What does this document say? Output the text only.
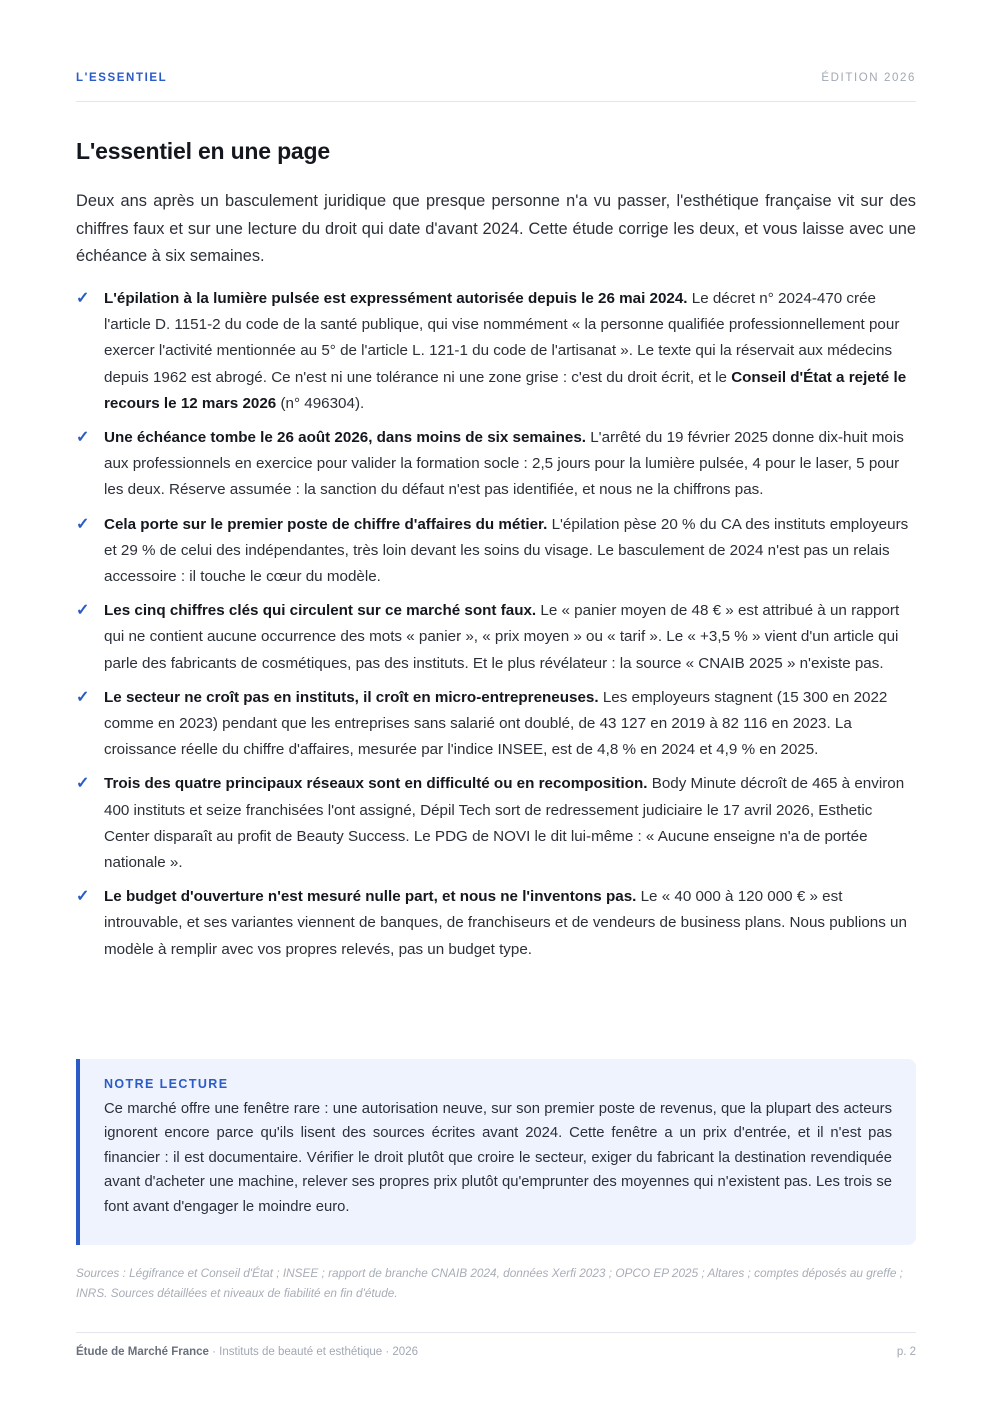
L'ESSENTIEL	ÉDITION 2026
L'essentiel en une page

Deux ans après un basculement juridique que presque personne n'a vu passer, l'esthétique française vit sur des chiffres faux et sur une lecture du droit qui date d'avant 2024. Cette étude corrige les deux, et vous laisse avec une échéance à six semaines.

✓ L'épilation à la lumière pulsée est expressément autorisée depuis le 26 mai 2024. Le décret n° 2024-470 crée l'article D. 1151-2 du code de la santé publique, qui vise nommément « la personne qualifiée professionnellement pour exercer l'activité mentionnée au 5° de l'article L. 121-1 du code de l'artisanat ». Le texte qui la réservait aux médecins depuis 1962 est abrogé. Ce n'est ni une tolérance ni une zone grise : c'est du droit écrit, et le Conseil d'État a rejeté le recours le 12 mars 2026 (n° 496304).
✓ Une échéance tombe le 26 août 2026, dans moins de six semaines. L'arrêté du 19 février 2025 donne dix-huit mois aux professionnels en exercice pour valider la formation socle : 2,5 jours pour la lumière pulsée, 4 pour le laser, 5 pour les deux. Réserve assumée : la sanction du défaut n'est pas identifiée, et nous ne la chiffrons pas.
✓ Cela porte sur le premier poste de chiffre d'affaires du métier. L'épilation pèse 20 % du CA des instituts employeurs et 29 % de celui des indépendantes, très loin devant les soins du visage. Le basculement de 2024 n'est pas un relais accessoire : il touche le cœur du modèle.
✓ Les cinq chiffres clés qui circulent sur ce marché sont faux. Le « panier moyen de 48 € » est attribué à un rapport qui ne contient aucune occurrence des mots « panier », « prix moyen » ou « tarif ». Le « +3,5 % » vient d'un article qui parle des fabricants de cosmétiques, pas des instituts. Et le plus révélateur : la source « CNAIB 2025 » n'existe pas.
✓ Le secteur ne croît pas en instituts, il croît en micro-entrepreneuses. Les employeurs stagnent (15 300 en 2022 comme en 2023) pendant que les entreprises sans salarié ont doublé, de 43 127 en 2019 à 82 116 en 2023. La croissance réelle du chiffre d'affaires, mesurée par l'indice INSEE, est de 4,8 % en 2024 et 4,9 % en 2025.
✓ Trois des quatre principaux réseaux sont en difficulté ou en recomposition. Body Minute décroît de 465 à environ 400 instituts et seize franchisées l'ont assigné, Dépil Tech sort de redressement judiciaire le 17 avril 2026, Esthetic Center disparaît au profit de Beauty Success. Le PDG de NOVI le dit lui-même : « Aucune enseigne n'a de portée nationale ».
✓ Le budget d'ouverture n'est mesuré nulle part, et nous ne l'inventons pas. Le « 40 000 à 120 000 € » est introuvable, et ses variantes viennent de banques, de franchiseurs et de vendeurs de business plans. Nous publions un modèle à remplir avec vos propres relevés, pas un budget type.
NOTRE LECTURE

Ce marché offre une fenêtre rare : une autorisation neuve, sur son premier poste de revenus, que la plupart des acteurs ignorent encore parce qu'ils lisent des sources écrites avant 2024. Cette fenêtre a un prix d'entrée, et il n'est pas financier : il est documentaire. Vérifier le droit plutôt que croire le secteur, exiger du fabricant la destination revendiquée avant d'acheter une machine, relever ses propres prix plutôt qu'emprunter des moyennes qui n'existent pas. Les trois se font avant d'engager le moindre euro.

Sources : Légifrance et Conseil d'État ; INSEE ; rapport de branche CNAIB 2024, données Xerfi 2023 ; OPCO EP 2025 ; Altares ; comptes déposés au greffe ; INRS. Sources détaillées et niveaux de fiabilité en fin d'étude.

Étude de Marché France · Instituts de beauté et esthétique · 2026	p. 2
